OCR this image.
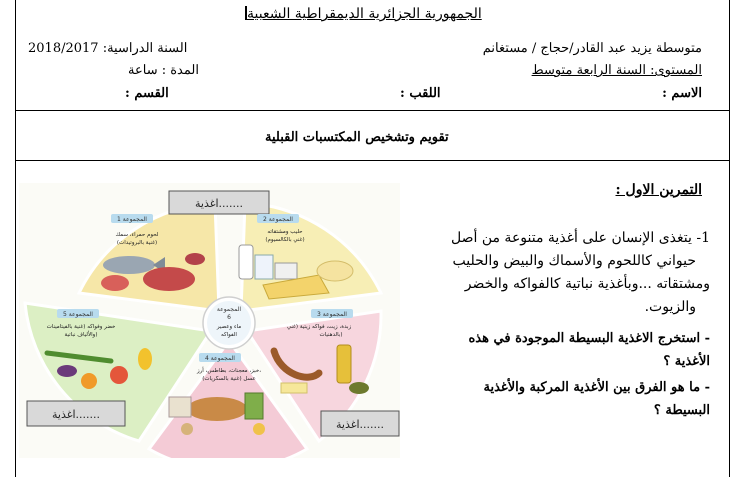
الجمهورية الجزائرية الديمقراطية الشعبية
متوسطة يزيد عبد القادر/حجاج / مستغانم
السنة الدراسية: 2018/2017
المستوى: السنة الرابعة متوسط
المدة : ساعة
الاسم :
اللقب :
القسم :
تقويم وتشخيص المكتسبات القبلية
التمرين الاول :
1- يتغذى الإنسان على أغذية متنوعة من أصل
حيواني كاللحوم والأسماك والبيض والحليب
ومشتقاته ...وبأغذية نباتية كالفواكه والخضر
والزيوت.
- استخرج الاغذية البسيطة الموجودة في هذه
الأغذية ؟
- ما هو الفرق بين الأغذية المركبة والأغذية
البسيطة ؟
اغذية.......
اغذية.......
اغذية.......
المجموعة 1
لحوم حمراء، سمك
(غنية بالبروتيدات)
المجموعة 2
حليب ومشتقاته
(غني بالكالسيوم)
المجموعة 3
زبدة، زيت، فواكه زيتية (غني
بالدهنيات)
المجموعة 4
خبز، معجنات، بطاطس، أرز،
عسل (غنية بالسكريات)
المجموعة 5
خضر وفواكه (غنية بالفيتامينات
والألياف نباتية)
المجموعة
6
ماء وعصير
الفواكه
